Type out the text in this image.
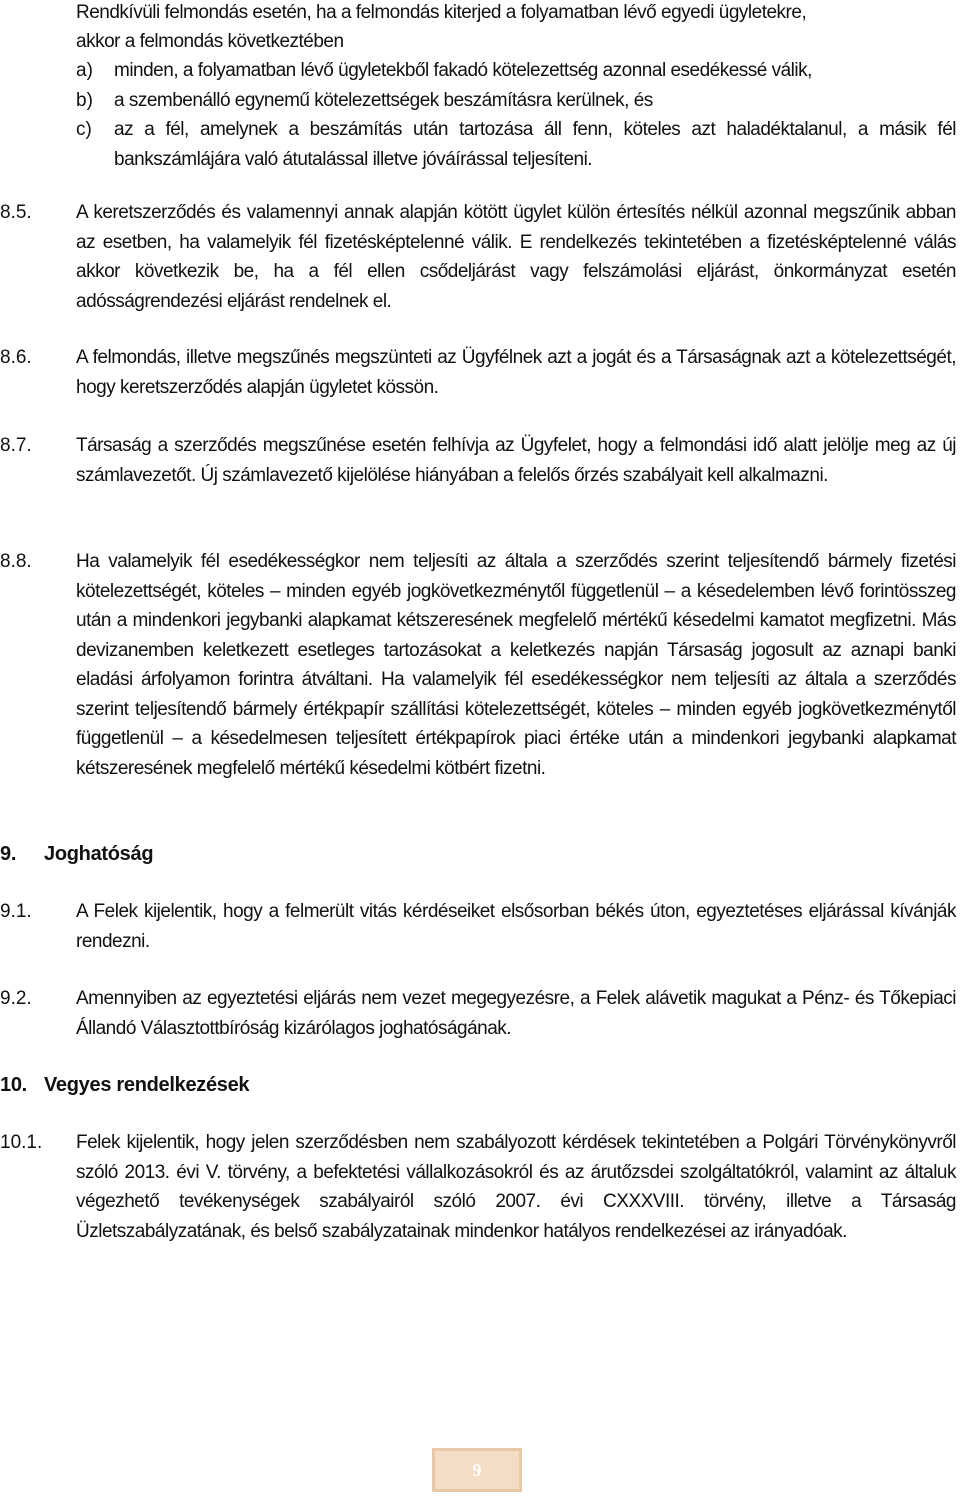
Rendkívüli felmondás esetén, ha a felmondás kiterjed a folyamatban lévő egyedi ügyletekre,
akkor a felmondás következtében
a) minden, a folyamatban lévő ügyletekből fakadó kötelezettség azonnal esedékessé válik,
b) a szembenálló egynemű kötelezettségek beszámításra kerülnek, és
c) az a fél, amelynek a beszámítás után tartozása áll fenn, köteles azt haladéktalanul, a másik fél bankszámlájára való átutalással illetve jóváírással teljesíteni.
8.5. A keretszerződés és valamennyi annak alapján kötött ügylet külön értesítés nélkül azonnal megszűnik abban az esetben, ha valamelyik fél fizetésképtelenné válik. E rendelkezés tekintetében a fizetésképtelenné válás akkor következik be, ha a fél ellen csődeljárást vagy felszámolási eljárást, önkormányzat esetén adósságrendezési eljárást rendelnek el.
8.6. A felmondás, illetve megszűnés megszünteti az Ügyfélnek azt a jogát és a Társaságnak azt a kötelezettségét, hogy keretszerződés alapján ügyletet kössön.
8.7. Társaság a szerződés megszűnése esetén felhívja az Ügyfelet, hogy a felmondási idő alatt jelölje meg az új számlavezetőt. Új számlavezető kijelölése hiányában a felelős őrzés szabályait kell alkalmazni.
8.8. Ha valamelyik fél esedékességkor nem teljesíti az általa a szerződés szerint teljesítendő bármely fizetési kötelezettségét, köteles – minden egyéb jogkövetkezménytől függetlenül – a késedelemben lévő forintösszeg után a mindenkori jegybanki alapkamat kétszeresének megfelelő mértékű késedelmi kamatot megfizetni. Más devizanemben keletkezett esetleges tartozásokat a keletkezés napján Társaság jogosult az aznapi banki eladási árfolyamon forintra átváltani. Ha valamelyik fél esedékességkor nem teljesíti az általa a szerződés szerint teljesítendő bármely értékpapír szállítási kötelezettségét, köteles – minden egyéb jogkövetkezménytől függetlenül – a késedelmesen teljesített értékpapírok piaci értéke után a mindenkori jegybanki alapkamat kétszeresének megfelelő mértékű késedelmi kötbért fizetni.
9. Joghatóság
9.1. A Felek kijelentik, hogy a felmerült vitás kérdéseiket elsősorban békés úton, egyeztetéses eljárással kívánják rendezni.
9.2. Amennyiben az egyeztetési eljárás nem vezet megegyezésre, a Felek alávetik magukat a Pénz- és Tőkepiaci Állandó Választottbíróság kizárólagos joghatóságának.
10. Vegyes rendelkezések
10.1. Felek kijelentik, hogy jelen szerződésben nem szabályozott kérdések tekintetében a Polgári Törvénykönyvről szóló 2013. évi V. törvény, a befektetési vállalkozásokról és az árutőzsdei szolgáltatókról, valamint az általuk végezhető tevékenységek szabályairól szóló 2007. évi CXXXVIII. törvény, illetve a Társaság Üzletszabályzatának, és belső szabályzatainak mindenkor hatályos rendelkezései az irányadóak.
9
